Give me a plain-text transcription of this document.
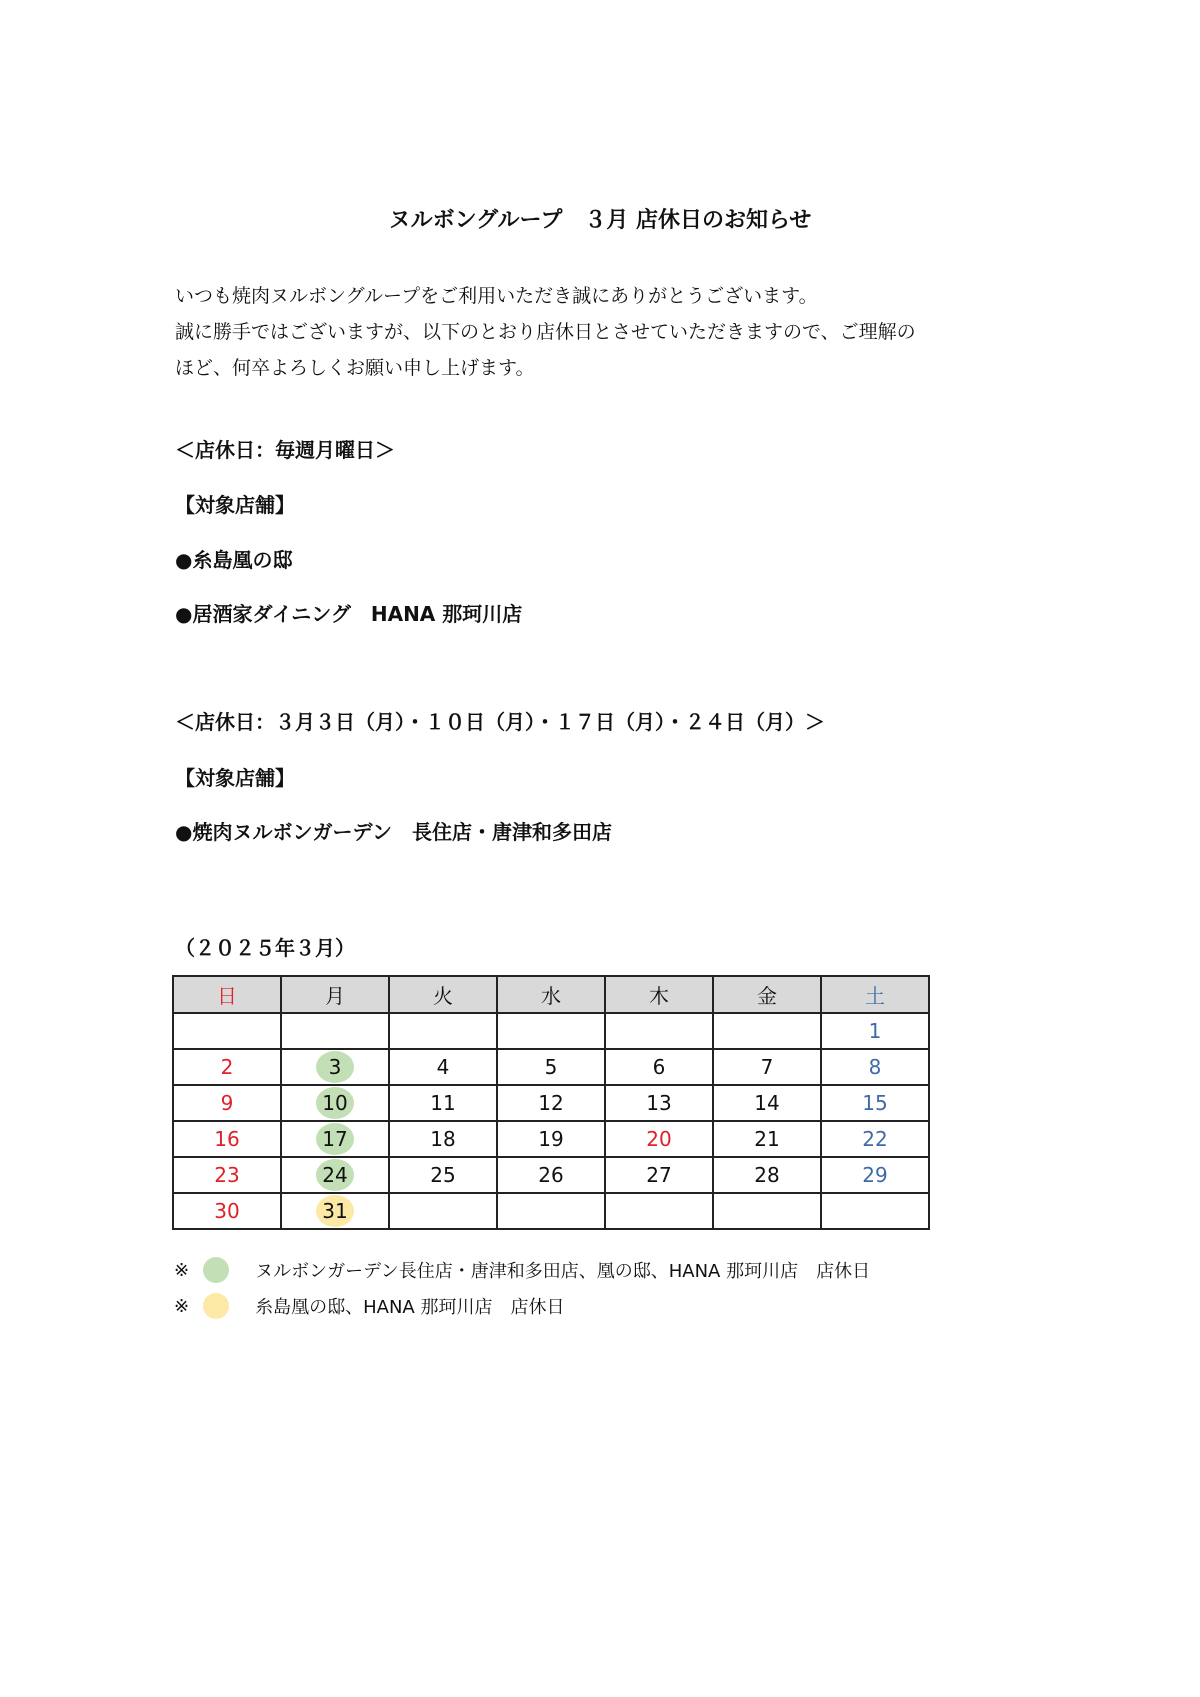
ヌルボングループ　３月 店休日のお知らせ
いつも焼肉ヌルボングループをご利用いただき誠にありがとうございます。
誠に勝手ではございますが、以下のとおり店休日とさせていただきますので、ご理解の
ほど、何卒よろしくお願い申し上げます。
＜店休日：毎週月曜日＞
【対象店舗】
●糸島凰の邸
●居酒家ダイニング　HANA 那珂川店
＜店休日：３月３日（月）・１０日（月）・１７日（月）・２４日（月）＞
【対象店舗】
●焼肉ヌルボンガーデン　長住店・唐津和多田店
（２０２５年３月）
日	月	火	水	木	金	土
						1
2	3	4	5	6	7	8
9	10	11	12	13	14	15
16	17	18	19	20	21	22
23	24	25	26	27	28	29
30	31					
※	ヌルボンガーデン長住店・唐津和多田店、凰の邸、HANA 那珂川店　店休日
※	糸島凰の邸、HANA 那珂川店　店休日
